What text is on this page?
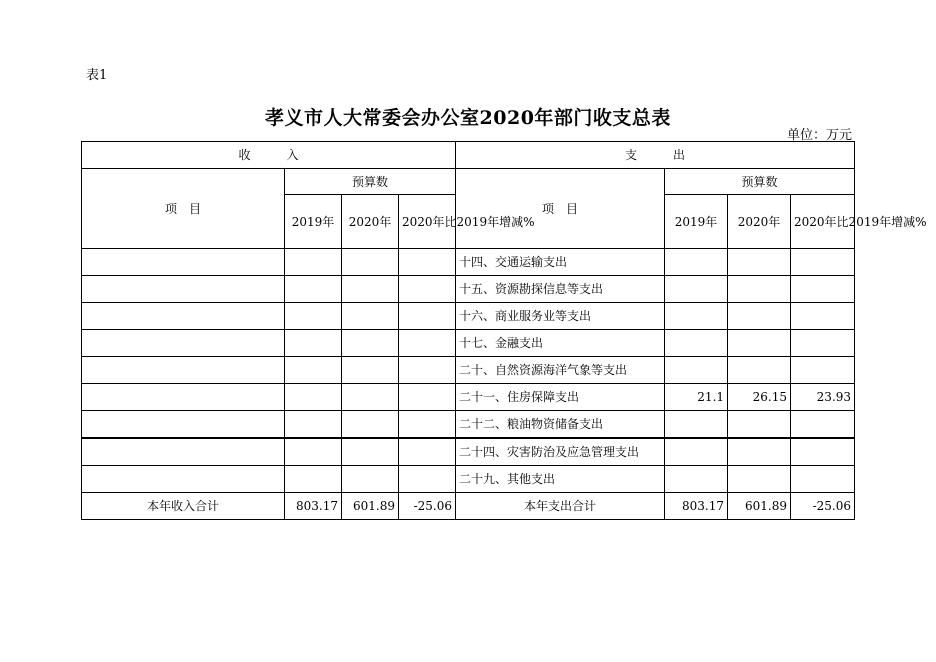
表1
孝义市人大常委会办公室2020年部门收支总表
单位：万元
收　　　入				支　　　出			
项　目	预算数			项　目	预算数		
	2019年	2020年	2020年比2019年增减%		2019年	2020年	2020年比2019年增减%
				十四、交通运输支出			
				十五、资源勘探信息等支出			
				十六、商业服务业等支出			
				十七、金融支出			
				二十、自然资源海洋气象等支出			
				二十一、住房保障支出	21.1	26.15	23.93
				二十二、粮油物资储备支出			
				二十四、灾害防治及应急管理支出			
				二十九、其他支出			
本年收入合计	803.17	601.89	-25.06	本年支出合计	803.17	601.89	-25.06
